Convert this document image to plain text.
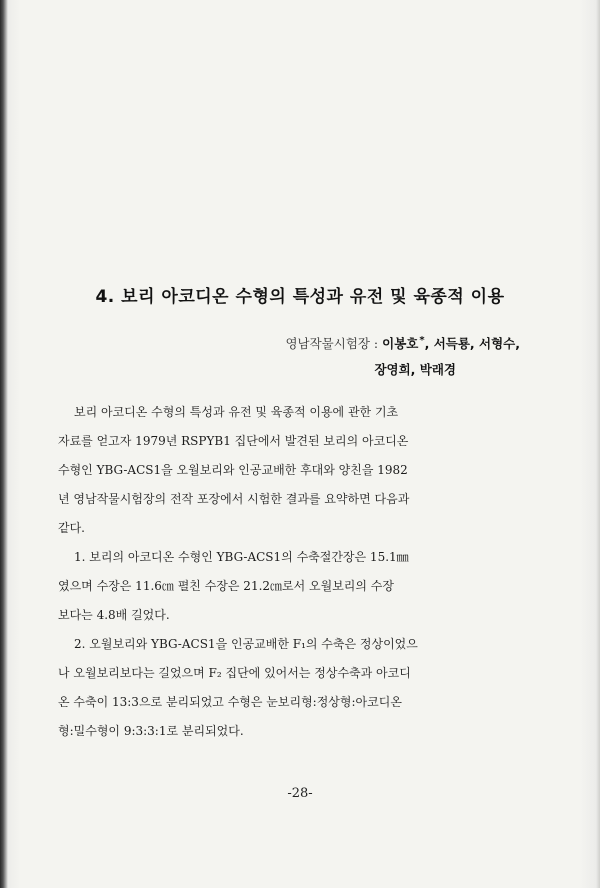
4. 보리 아코디온 수형의 특성과 유전 및 육종적 이용
영남작물시험장 : 이봉호*, 서득룡, 서형수,
장영희, 박래경
보리 아코디온 수형의 특성과 유전 및 육종적 이용에 관한 기초
자료를 얻고자 1979년 RSPYB1 집단에서 발견된 보리의 아코디온
수형인 YBG-ACS1을 오월보리와 인공교배한 후대와 양친을 1982
년 영남작물시험장의 전작 포장에서 시험한 결과를 요약하면 다음과
같다.
1. 보리의 아코디온 수형인 YBG-ACS1의 수축절간장은 15.1㎜
였으며 수장은 11.6㎝ 펼친 수장은 21.2㎝로서 오월보리의 수장
보다는 4.8배 길었다.
2. 오월보리와 YBG-ACS1을 인공교배한 F₁의 수축은 정상이었으
나 오월보리보다는 길었으며 F₂ 집단에 있어서는 정상수축과 아코디
온 수축이 13:3으로 분리되었고 수형은 눈보리형:정상형:아코디온
형:밀수형이 9:3:3:1로 분리되었다.
-28-
